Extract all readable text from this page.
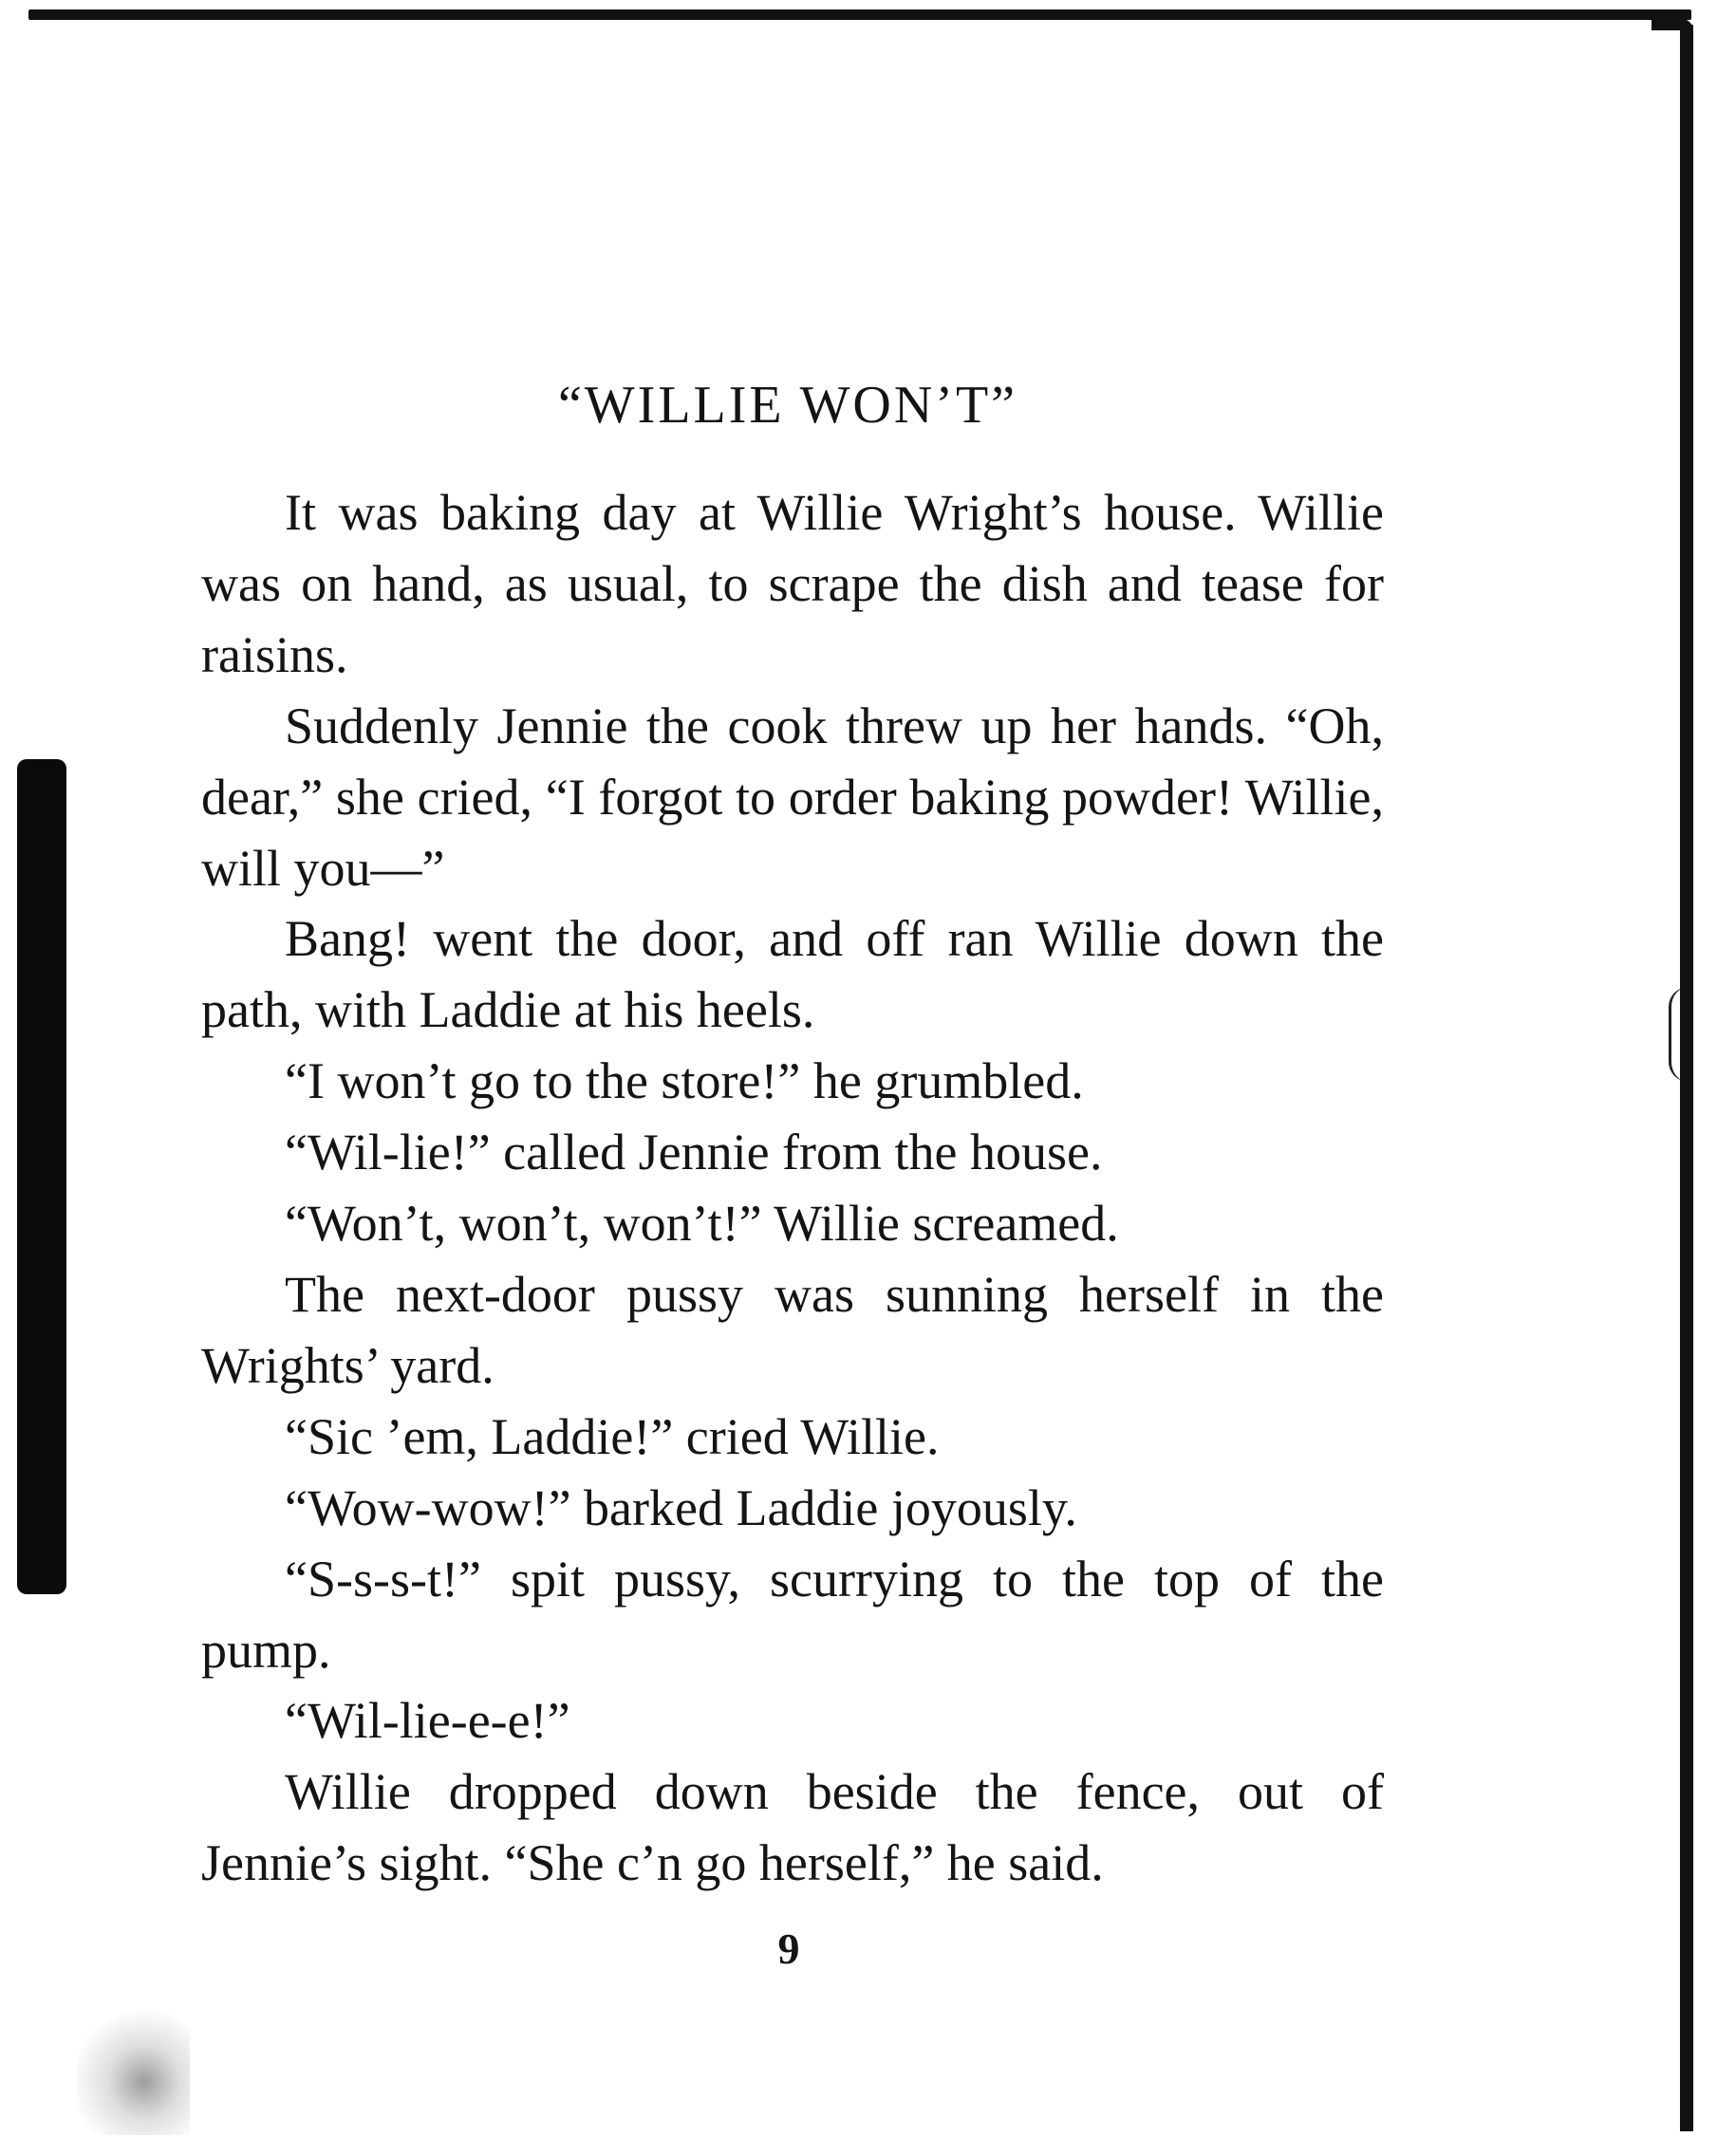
“WILLIE WON’T”

It was baking day at Willie Wright’s house. Willie was on hand, as usual, to scrape the dish and tease for raisins.

Suddenly Jennie the cook threw up her hands. “Oh, dear,” she cried, “I forgot to order baking powder! Willie, will you—”

Bang! went the door, and off ran Willie down the path, with Laddie at his heels.

“I won’t go to the store!” he grumbled.

“Wil-lie!” called Jennie from the house.

“Won’t, won’t, won’t!” Willie screamed.

The next-door pussy was sunning herself in the Wrights’ yard.

“Sic ’em, Laddie!” cried Willie.

“Wow-wow!” barked Laddie joyously.

“S-s-s-t!” spit pussy, scurrying to the top of the pump.

“Wil-lie-e-e!”

Willie dropped down beside the fence, out of Jennie’s sight. “She c’n go herself,” he said.

9
